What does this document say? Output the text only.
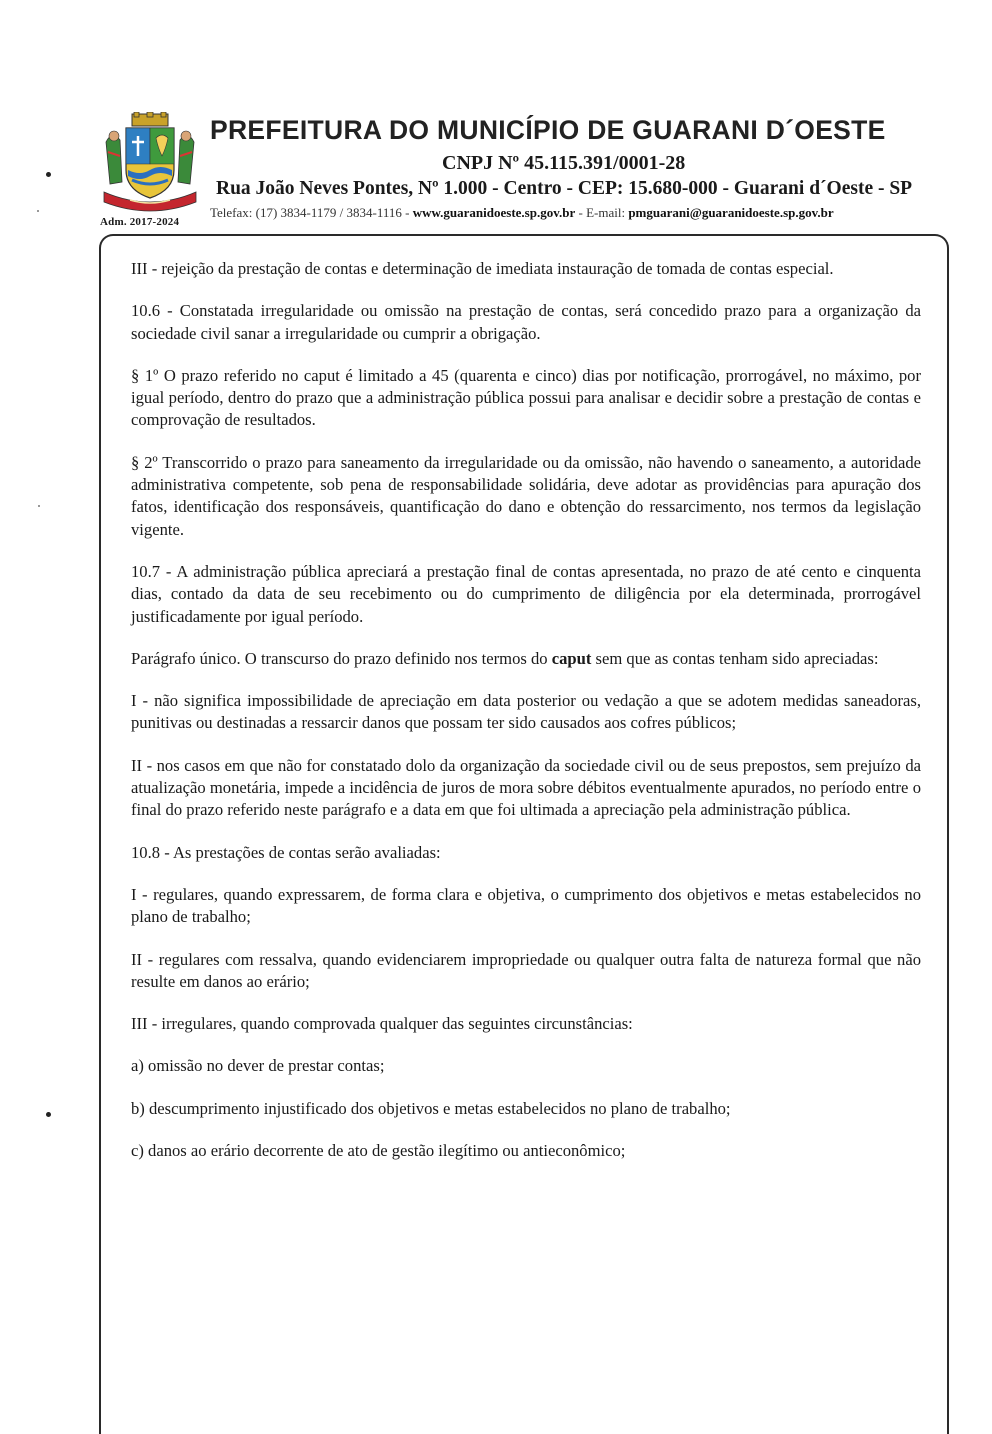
PREFEITURA DO MUNICÍPIO DE GUARANI D´OESTE
CNPJ Nº 45.115.391/0001-28
Rua João Neves Pontes, Nº 1.000 - Centro - CEP: 15.680-000 - Guarani d´Oeste - SP
Telefax: (17) 3834-1179 / 3834-1116 - www.guaranidoeste.sp.gov.br - E-mail: pmguarani@guaranidoeste.sp.gov.br
Adm. 2017-2024

III - rejeição da prestação de contas e determinação de imediata instauração de tomada de contas especial.

10.6 - Constatada irregularidade ou omissão na prestação de contas, será concedido prazo para a organização da sociedade civil sanar a irregularidade ou cumprir a obrigação.

§ 1º O prazo referido no caput é limitado a 45 (quarenta e cinco) dias por notificação, prorrogável, no máximo, por igual período, dentro do prazo que a administração pública possui para analisar e decidir sobre a prestação de contas e comprovação de resultados.

§ 2º Transcorrido o prazo para saneamento da irregularidade ou da omissão, não havendo o saneamento, a autoridade administrativa competente, sob pena de responsabilidade solidária, deve adotar as providências para apuração dos fatos, identificação dos responsáveis, quantificação do dano e obtenção do ressarcimento, nos termos da legislação vigente.

10.7 - A administração pública apreciará a prestação final de contas apresentada, no prazo de até cento e cinquenta dias, contado da data de seu recebimento ou do cumprimento de diligência por ela determinada, prorrogável justificadamente por igual período.

Parágrafo único. O transcurso do prazo definido nos termos do caput sem que as contas tenham sido apreciadas:

I - não significa impossibilidade de apreciação em data posterior ou vedação a que se adotem medidas saneadoras, punitivas ou destinadas a ressarcir danos que possam ter sido causados aos cofres públicos;

II - nos casos em que não for constatado dolo da organização da sociedade civil ou de seus prepostos, sem prejuízo da atualização monetária, impede a incidência de juros de mora sobre débitos eventualmente apurados, no período entre o final do prazo referido neste parágrafo e a data em que foi ultimada a apreciação pela administração pública.

10.8 - As prestações de contas serão avaliadas:

I - regulares, quando expressarem, de forma clara e objetiva, o cumprimento dos objetivos e metas estabelecidos no plano de trabalho;

II - regulares com ressalva, quando evidenciarem impropriedade ou qualquer outra falta de natureza formal que não resulte em danos ao erário;

III - irregulares, quando comprovada qualquer das seguintes circunstâncias:

a) omissão no dever de prestar contas;

b) descumprimento injustificado dos objetivos e metas estabelecidos no plano de trabalho;

c) danos ao erário decorrente de ato de gestão ilegítimo ou antieconômico;
